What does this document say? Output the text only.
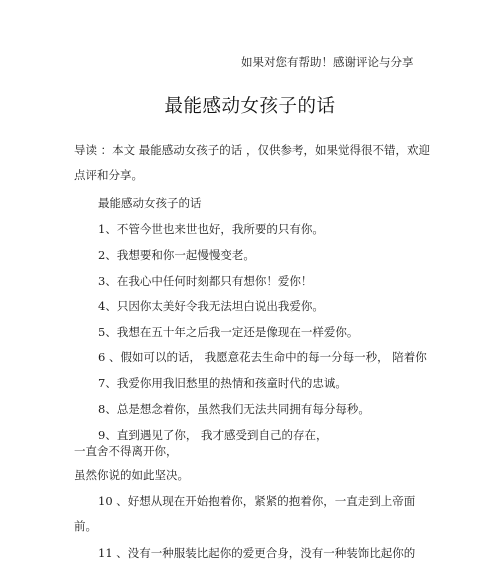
如果对您有帮助！感谢评论与分享
最能感动女孩子的话
导读 ：本文 最能感动女孩子的话 ，仅供参考，如果觉得很不错，欢迎
点评和分享。
最能感动女孩子的话
1、不管今世也来世也好，我所要的只有你。
2、我想要和你一起慢慢变老。
3、在我心中任何时刻都只有想你！爱你！
4、只因你太美好令我无法坦白说出我爱你。
5、我想在五十年之后我一定还是像现在一样爱你。
6 、假如可以的话， 我愿意花去生命中的每一分每一秒， 陪着你
7、我爱你用我旧愁里的热情和孩童时代的忠诚。
8、总是想念着你，虽然我们无法共同拥有每分每秒。
9、直到遇见了你， 我才感受到自己的存在，
一直舍不得离开你，
虽然你说的如此坚决。
10 、好想从现在开始抱着你，紧紧的抱着你，一直走到上帝面
前。
11 、没有一种服装比起你的爱更合身，没有一种装饰比起你的
